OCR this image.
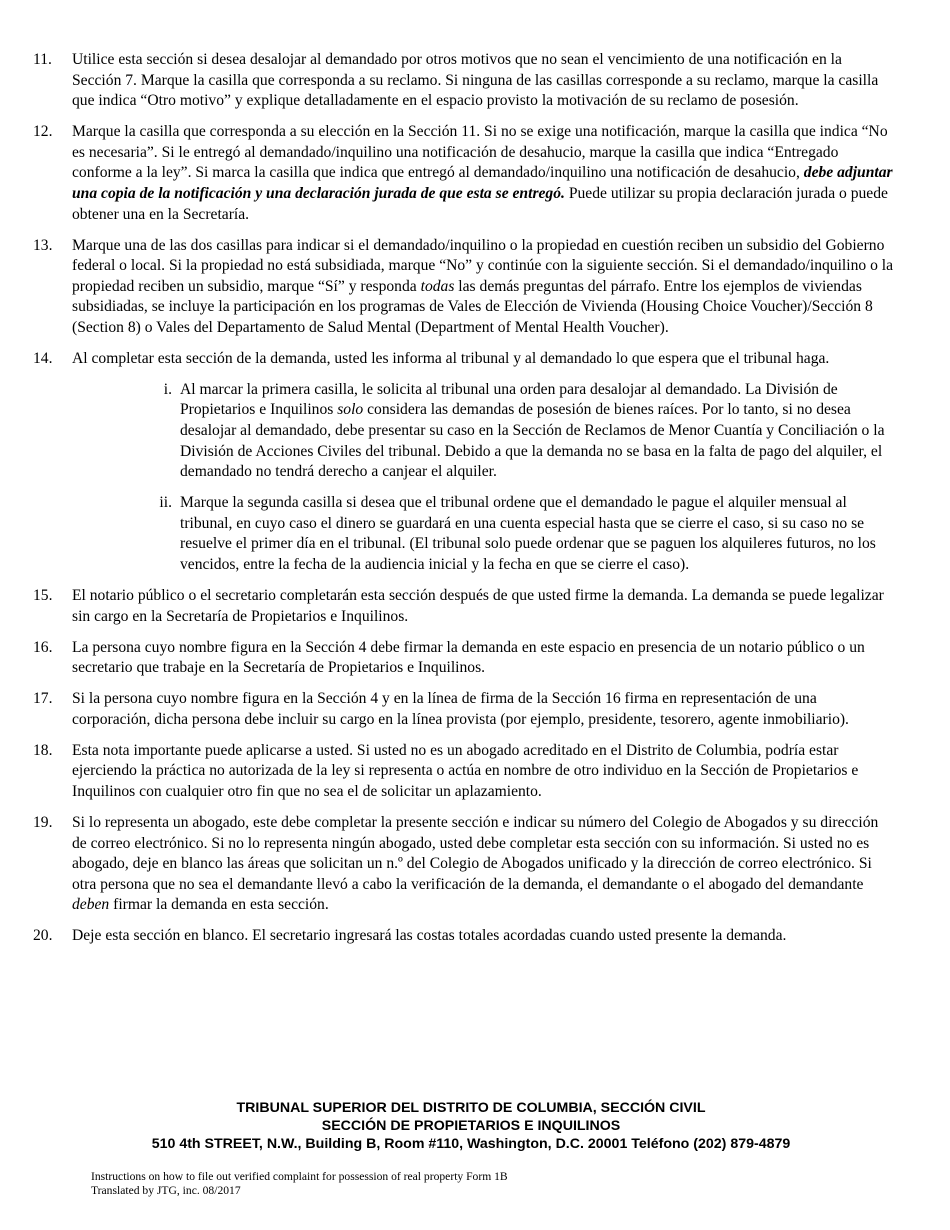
11.	Utilice esta sección si desea desalojar al demandado por otros motivos que no sean el vencimiento de una notificación en la Sección 7. Marque la casilla que corresponda a su reclamo. Si ninguna de las casillas corresponde a su reclamo, marque la casilla que indica “Otro motivo” y explique detalladamente en el espacio provisto la motivación de su reclamo de posesión.
12.	Marque la casilla que corresponda a su elección en la Sección 11. Si no se exige una notificación, marque la casilla que indica “No es necesaria”. Si le entregó al demandado/inquilino una notificación de desahucio, marque la casilla que indica “Entregado conforme a la ley”. Si marca la casilla que indica que entregó al demandado/inquilino una notificación de desahucio, debe adjuntar una copia de la notificación y una declaración jurada de que esta se entregó. Puede utilizar su propia declaración jurada o puede obtener una en la Secretaría.
13.	Marque una de las dos casillas para indicar si el demandado/inquilino o la propiedad en cuestión reciben un subsidio del Gobierno federal o local. Si la propiedad no está subsidiada, marque “No” y continúe con la siguiente sección. Si el demandado/inquilino o la propiedad reciben un subsidio, marque “Sí” y responda todas las demás preguntas del párrafo. Entre los ejemplos de viviendas subsidiadas, se incluye la participación en los programas de Vales de Elección de Vivienda (Housing Choice Voucher)/Sección 8 (Section 8) o Vales del Departamento de Salud Mental (Department of Mental Health Voucher).
14.	Al completar esta sección de la demanda, usted les informa al tribunal y al demandado lo que espera que el tribunal haga.
i. Al marcar la primera casilla, le solicita al tribunal una orden para desalojar al demandado. La División de Propietarios e Inquilinos solo considera las demandas de posesión de bienes raíces. Por lo tanto, si no desea desalojar al demandado, debe presentar su caso en la Sección de Reclamos de Menor Cuantía y Conciliación o la División de Acciones Civiles del tribunal. Debido a que la demanda no se basa en la falta de pago del alquiler, el demandado no tendrá derecho a canjear el alquiler.
ii. Marque la segunda casilla si desea que el tribunal ordene que el demandado le pague el alquiler mensual al tribunal, en cuyo caso el dinero se guardará en una cuenta especial hasta que se cierre el caso, si su caso no se resuelve el primer día en el tribunal. (El tribunal solo puede ordenar que se paguen los alquileres futuros, no los vencidos, entre la fecha de la audiencia inicial y la fecha en que se cierre el caso).
15.	El notario público o el secretario completarán esta sección después de que usted firme la demanda. La demanda se puede legalizar sin cargo en la Secretaría de Propietarios e Inquilinos.
16.	La persona cuyo nombre figura en la Sección 4 debe firmar la demanda en este espacio en presencia de un notario público o un secretario que trabaje en la Secretaría de Propietarios e Inquilinos.
17.	Si la persona cuyo nombre figura en la Sección 4 y en la línea de firma de la Sección 16 firma en representación de una corporación, dicha persona debe incluir su cargo en la línea provista (por ejemplo, presidente, tesorero, agente inmobiliario).
18.	Esta nota importante puede aplicarse a usted. Si usted no es un abogado acreditado en el Distrito de Columbia, podría estar ejerciendo la práctica no autorizada de la ley si representa o actúa en nombre de otro individuo en la Sección de Propietarios e Inquilinos con cualquier otro fin que no sea el de solicitar un aplazamiento.
19.	Si lo representa un abogado, este debe completar la presente sección e indicar su número del Colegio de Abogados y su dirección de correo electrónico. Si no lo representa ningún abogado, usted debe completar esta sección con su información. Si usted no es abogado, deje en blanco las áreas que solicitan un n.º del Colegio de Abogados unificado y la dirección de correo electrónico. Si otra persona que no sea el demandante llevó a cabo la verificación de la demanda, el demandante o el abogado del demandante deben firmar la demanda en esta sección.
20.	Deje esta sección en blanco. El secretario ingresará las costas totales acordadas cuando usted presente la demanda.
TRIBUNAL SUPERIOR DEL DISTRITO DE COLUMBIA, SECCIÓN CIVIL
SECCIÓN DE PROPIETARIOS E INQUILINOS
510 4th STREET, N.W., Building B, Room #110, Washington, D.C. 20001 Teléfono (202) 879-4879
Instructions on how to file out verified complaint for possession of real property Form 1B
Translated by JTG, inc. 08/2017
